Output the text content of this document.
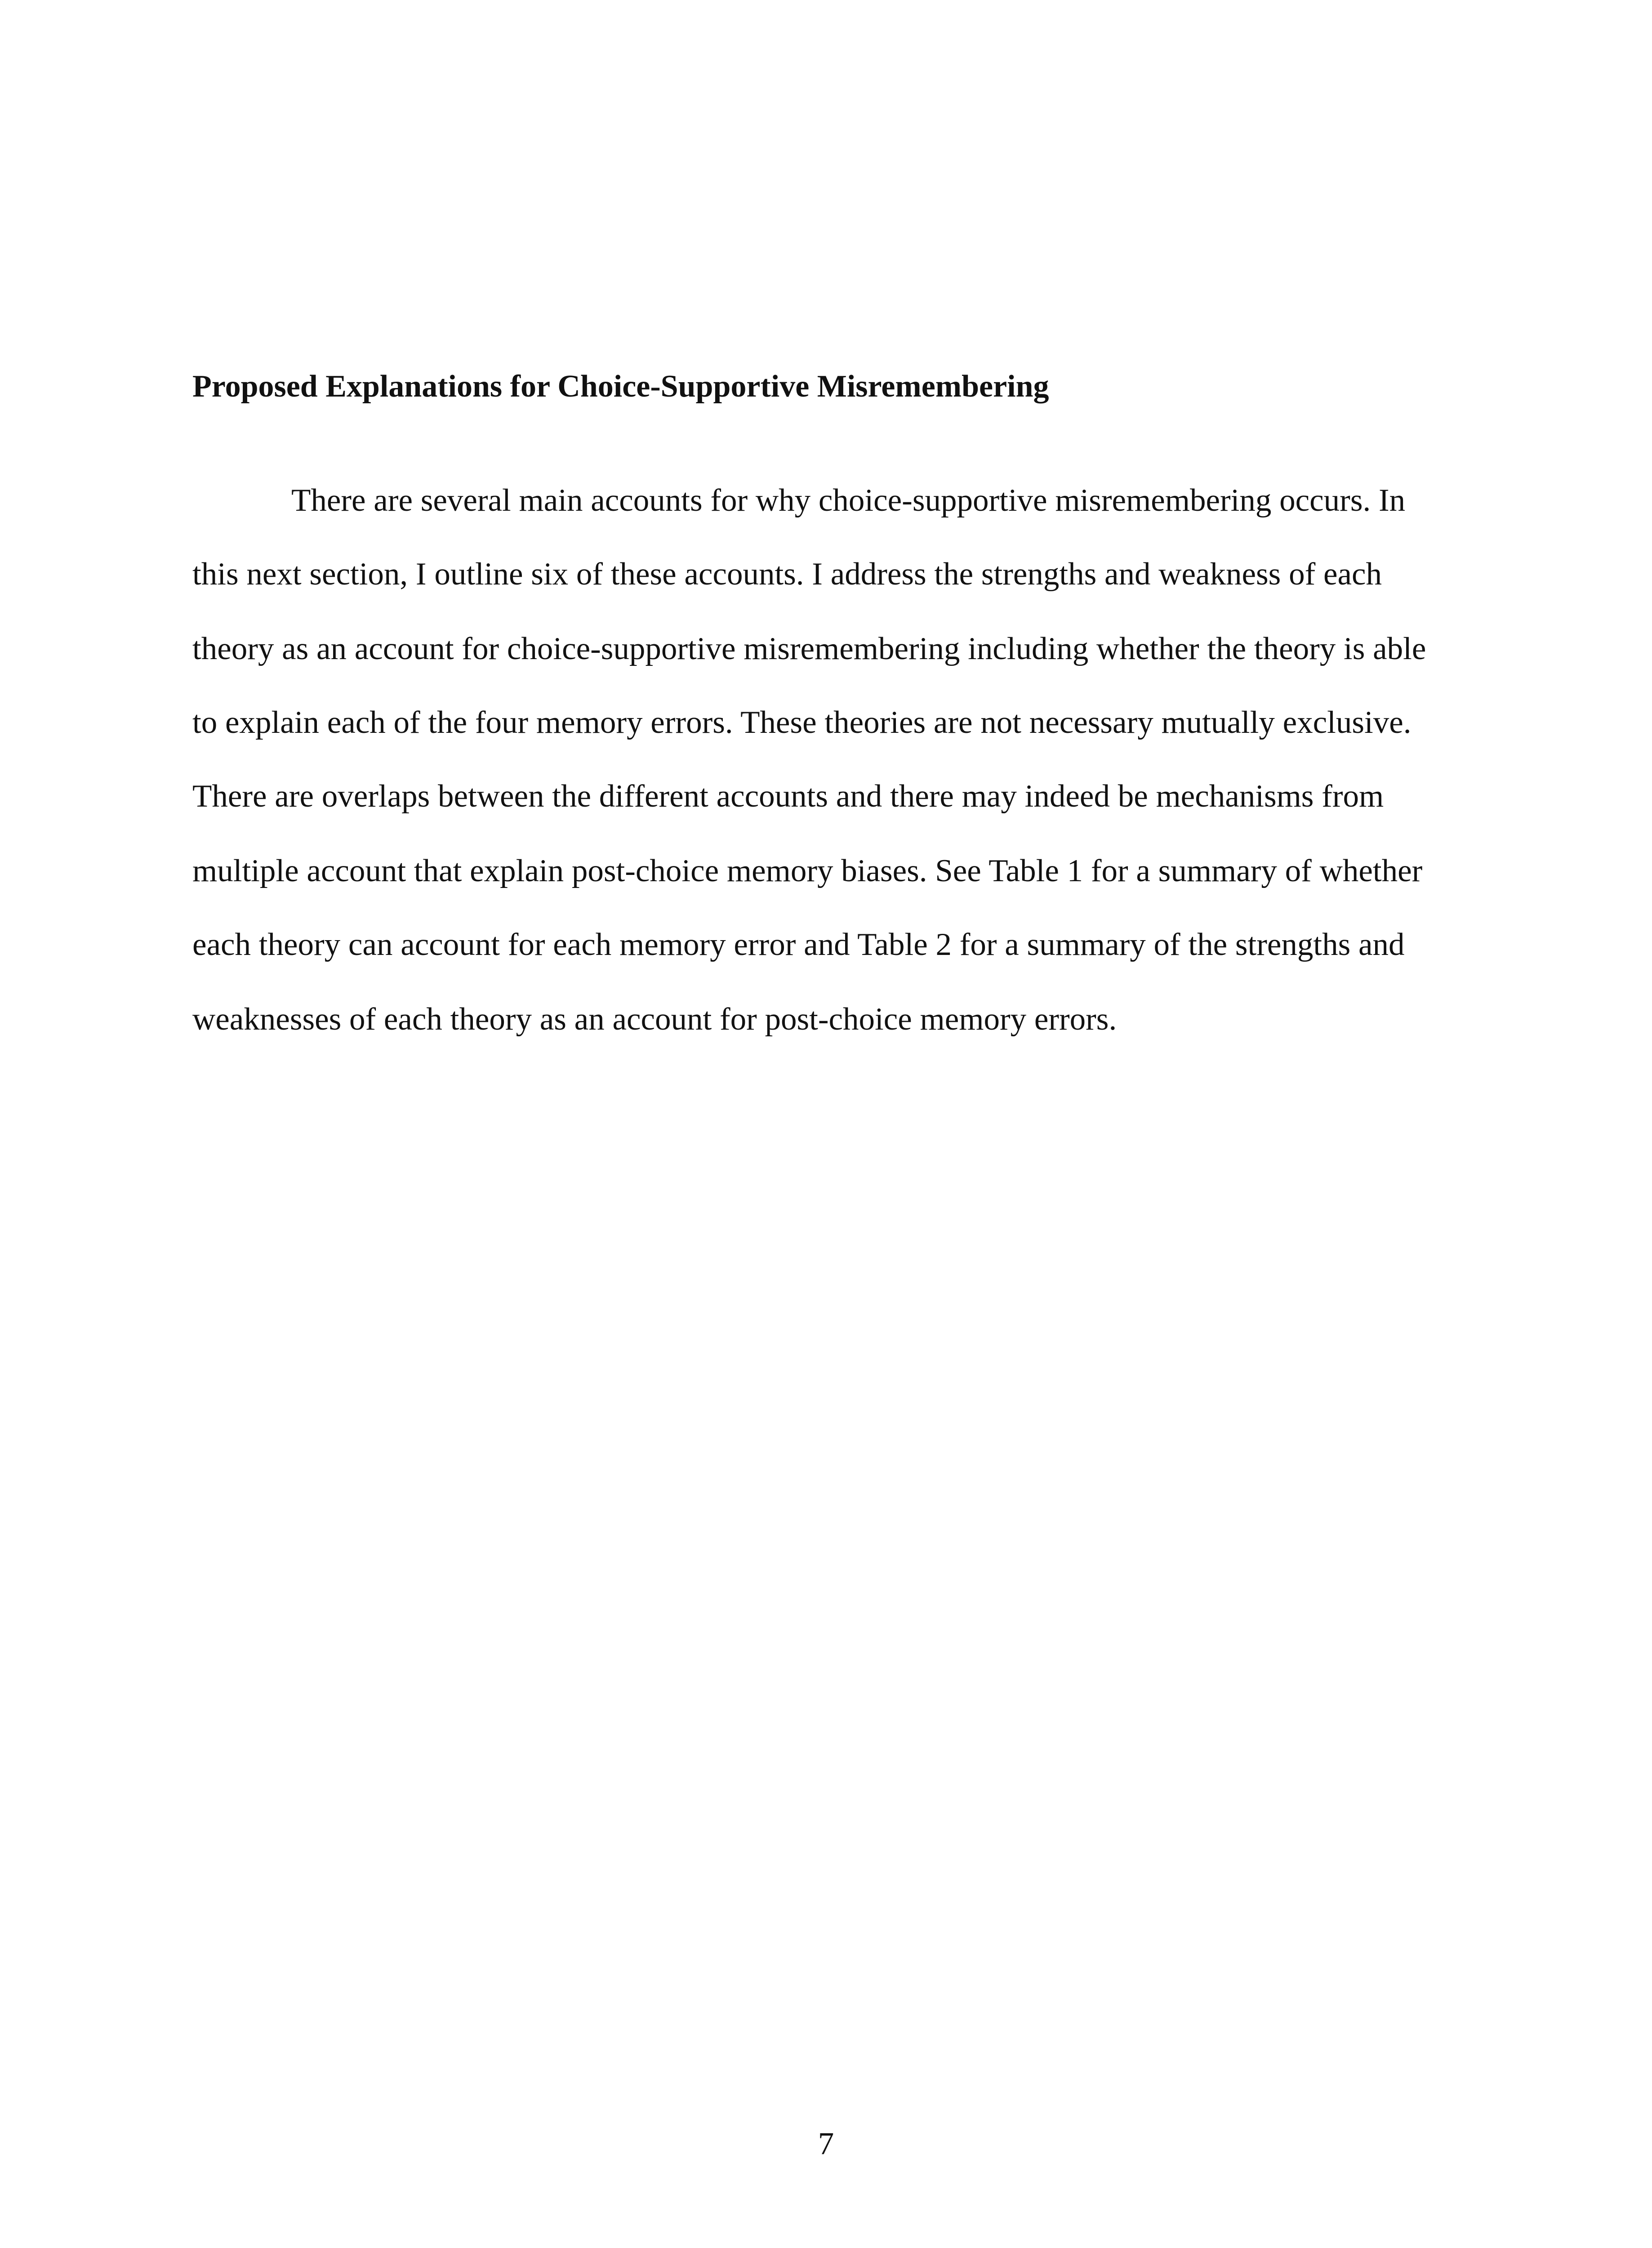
Proposed Explanations for Choice-Supportive Misremembering
There are several main accounts for why choice-supportive misremembering occurs. In
this next section, I outline six of these accounts. I address the strengths and weakness of each
theory as an account for choice-supportive misremembering including whether the theory is able
to explain each of the four memory errors. These theories are not necessary mutually exclusive.
There are overlaps between the different accounts and there may indeed be mechanisms from
multiple account that explain post-choice memory biases. See Table 1 for a summary of whether
each theory can account for each memory error and Table 2 for a summary of the strengths and
weaknesses of each theory as an account for post-choice memory errors.
7
